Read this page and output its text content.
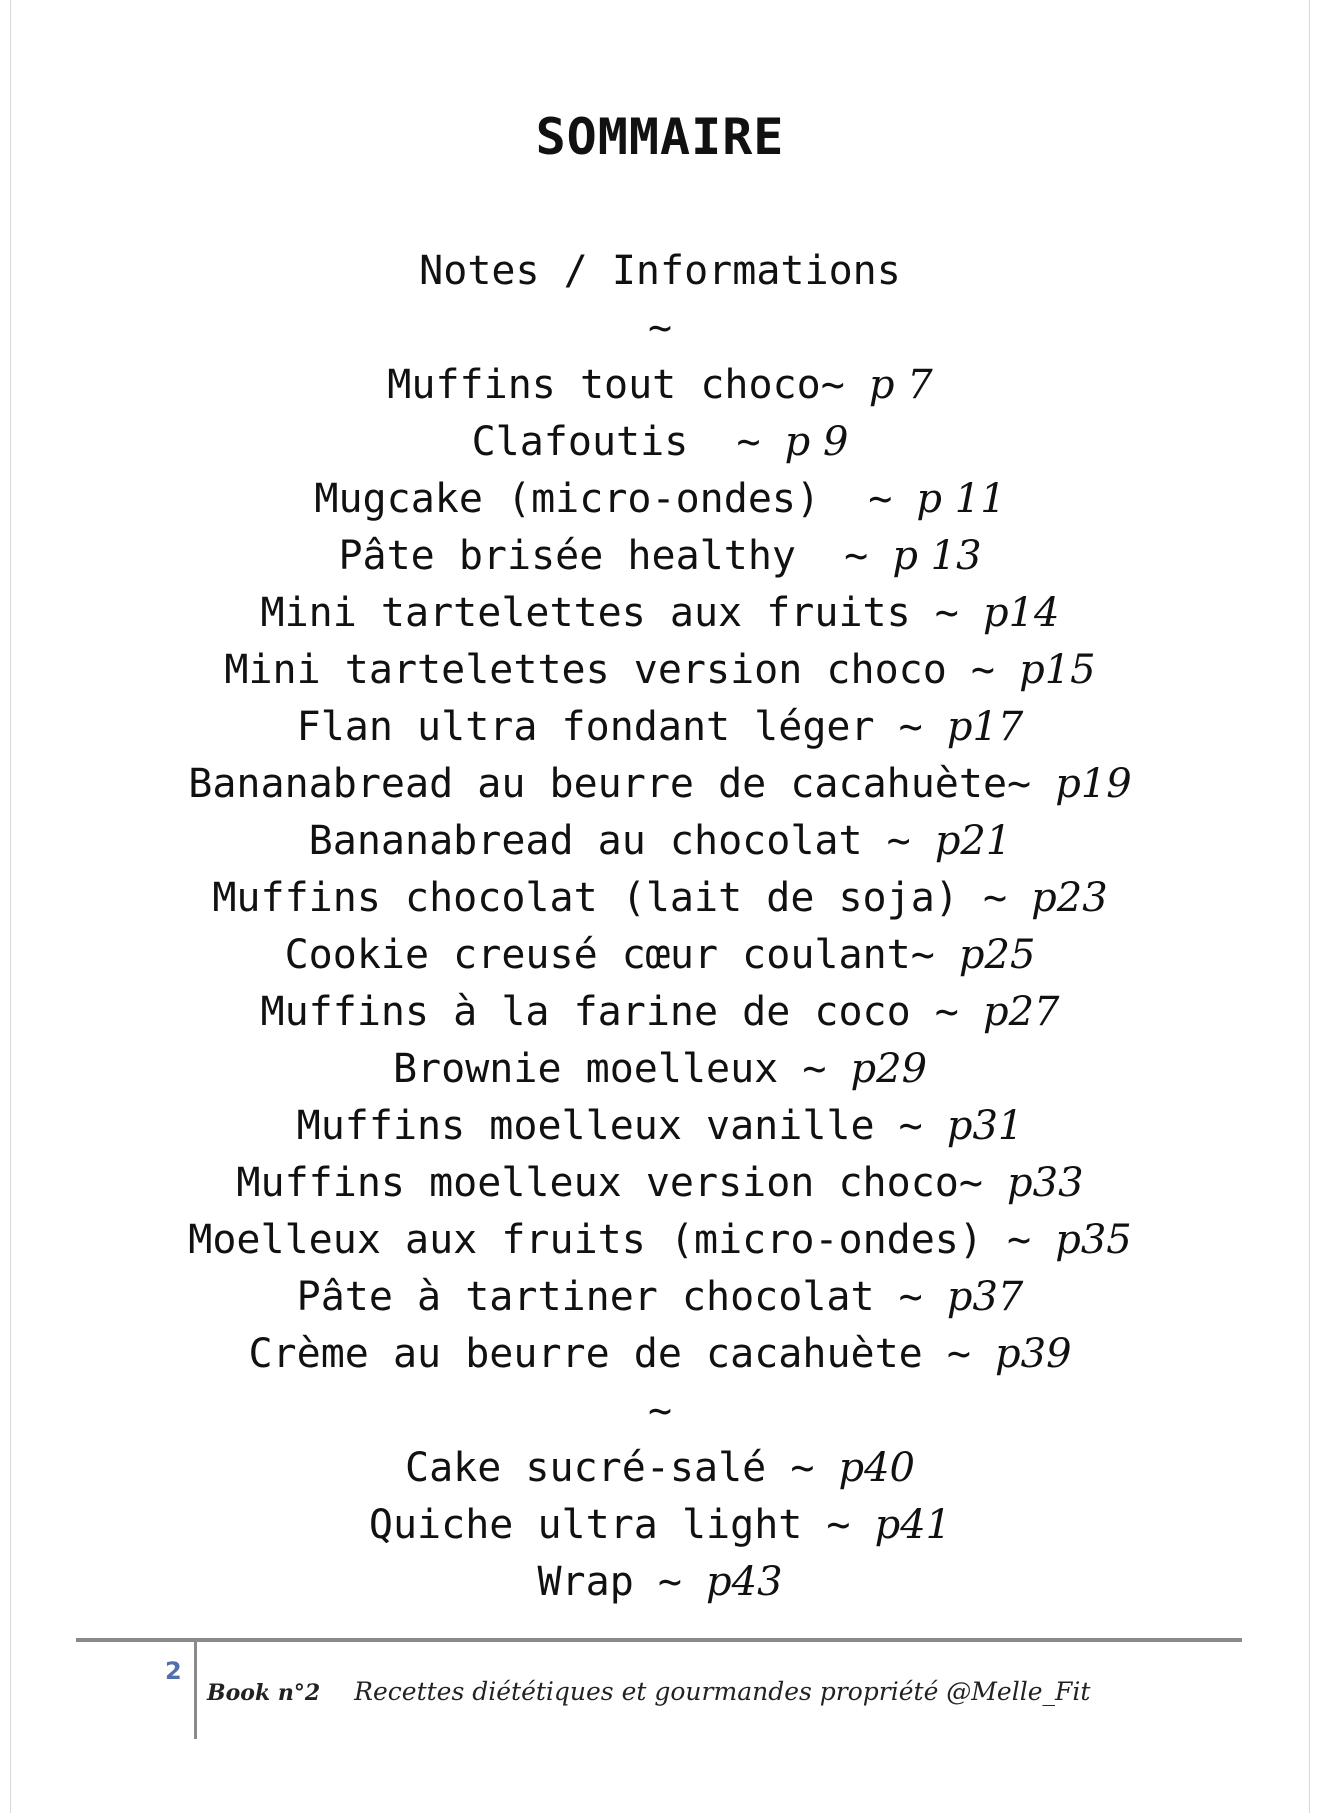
SOMMAIRE
Notes / Informations
~
Muffins tout choco~ p 7
Clafoutis  ~ p 9
Mugcake (micro-ondes)  ~ p 11
Pâte brisée healthy  ~ p 13
Mini tartelettes aux fruits ~ p14
Mini tartelettes version choco ~ p15
Flan ultra fondant léger ~ p17
Bananabread au beurre de cacahuète~ p19
Bananabread au chocolat ~ p21
Muffins chocolat (lait de soja) ~ p23
Cookie creusé cœur coulant~ p25
Muffins à la farine de coco ~ p27
Brownie moelleux ~ p29
Muffins moelleux vanille ~ p31
Muffins moelleux version choco~ p33
Moelleux aux fruits (micro-ondes) ~ p35
Pâte à tartiner chocolat ~ p37
Crème au beurre de cacahuète ~ p39
~
Cake sucré-salé ~ p40
Quiche ultra light ~ p41
Wrap ~ p43
2
Book n°2 Recettes diététiques et gourmandes propriété @Melle_Fit
